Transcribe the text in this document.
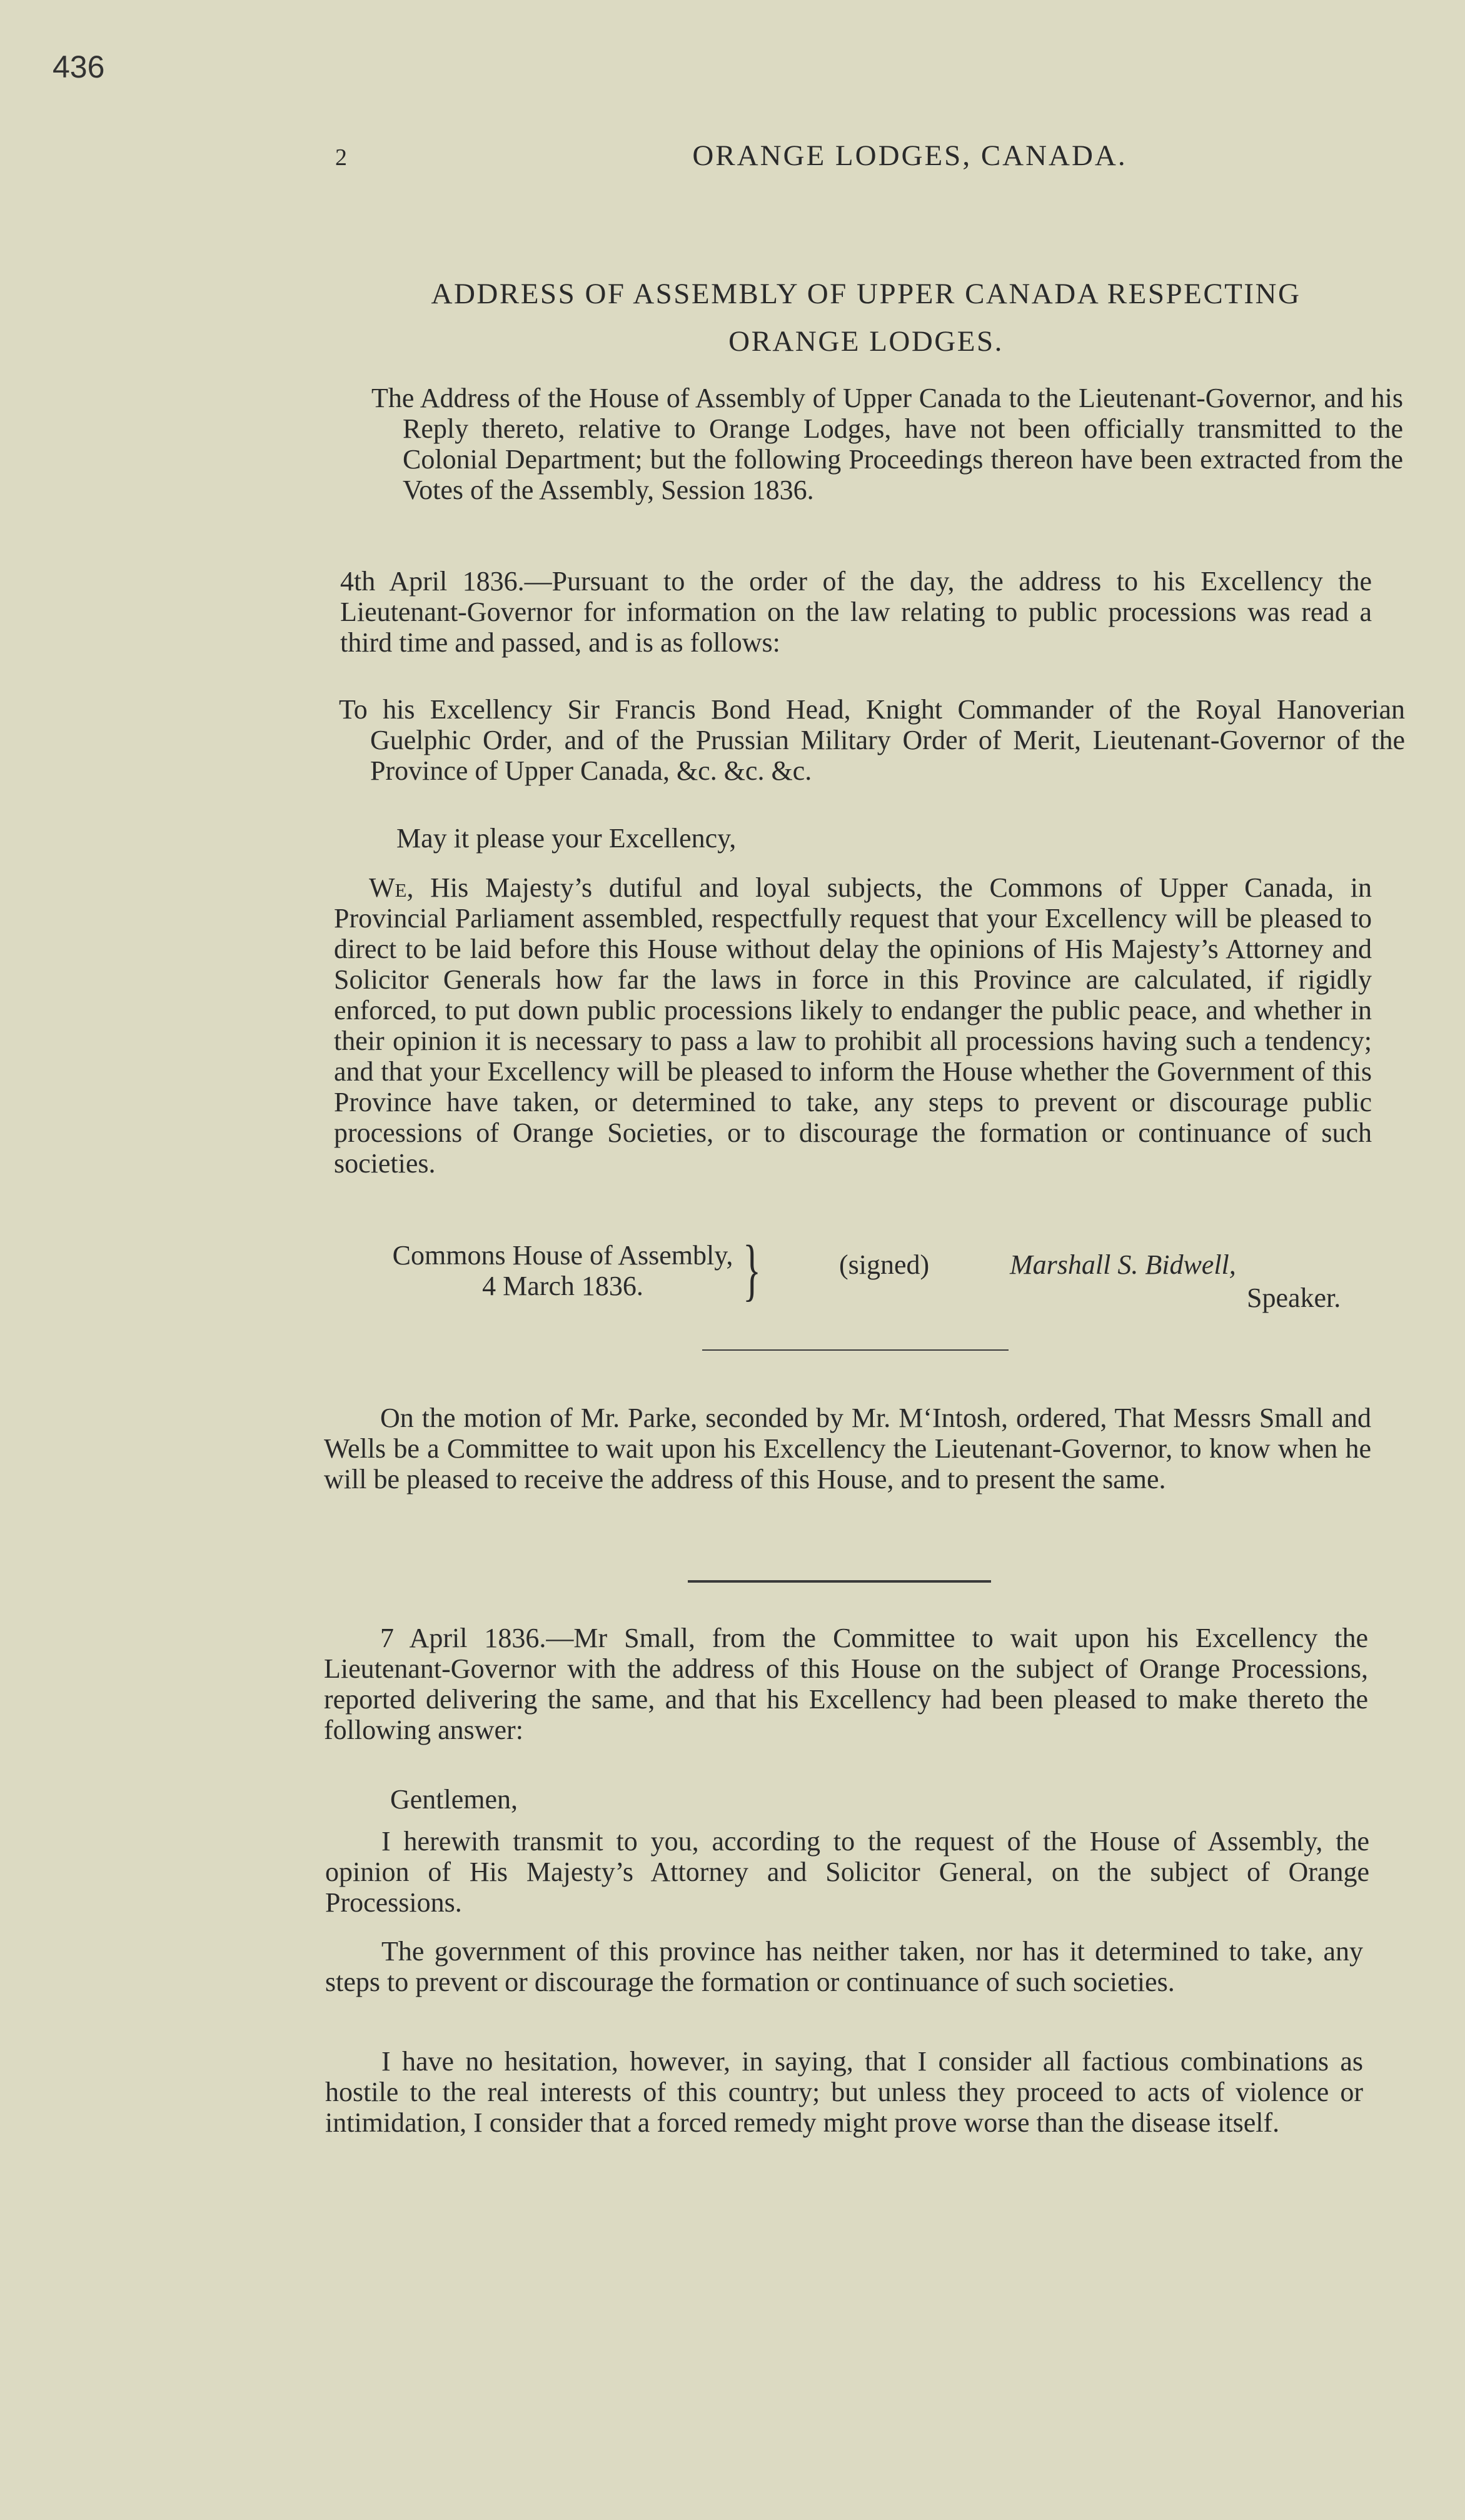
436
2	ORANGE LODGES, CANADA.
ADDRESS OF ASSEMBLY OF UPPER CANADA RESPECTING
ORANGE LODGES.

The Address of the House of Assembly of Upper Canada to the Lieutenant-Governor, and his Reply thereto, relative to Orange Lodges, have not been officially transmitted to the Colonial Department; but the following Proceedings thereon have been extracted from the Votes of the Assembly, Session 1836.

4th April 1836.—Pursuant to the order of the day, the address to his Excellency the Lieutenant-Governor for information on the law relating to public processions was read a third time and passed, and is as follows:

To his Excellency Sir Francis Bond Head, Knight Commander of the Royal Hanoverian Guelphic Order, and of the Prussian Military Order of Merit, Lieutenant-Governor of the Province of Upper Canada, &c. &c. &c.

May it please your Excellency,

We, His Majesty’s dutiful and loyal subjects, the Commons of Upper Canada, in Provincial Parliament assembled, respectfully request that your Excellency will be pleased to direct to be laid before this House without delay the opinions of His Majesty’s Attorney and Solicitor Generals how far the laws in force in this Province are calculated, if rigidly enforced, to put down public processions likely to endanger the public peace, and whether in their opinion it is necessary to pass a law to prohibit all processions having such a tendency; and that your Excellency will be pleased to inform the House whether the Government of this Province have taken, or determined to take, any steps to prevent or discourage public processions of Orange Societies, or to discourage the formation or continuance of such societies.

Commons House of Assembly,
4 March 1836.	}	(signed)	Marshall S. Bidwell,
Speaker.

On the motion of Mr. Parke, seconded by Mr. M‘Intosh, ordered, That Messrs Small and Wells be a Committee to wait upon his Excellency the Lieutenant-Governor, to know when he will be pleased to receive the address of this House, and to present the same.

7 April 1836.—Mr Small, from the Committee to wait upon his Excellency the Lieutenant-Governor with the address of this House on the subject of Orange Processions, reported delivering the same, and that his Excellency had been pleased to make thereto the following answer:

Gentlemen,

I herewith transmit to you, according to the request of the House of Assembly, the opinion of His Majesty’s Attorney and Solicitor General, on the subject of Orange Processions.

The government of this province has neither taken, nor has it determined to take, any steps to prevent or discourage the formation or continuance of such societies.

I have no hesitation, however, in saying, that I consider all factious combinations as hostile to the real interests of this country; but unless they proceed to acts of violence or intimidation, I consider that a forced remedy might prove worse than the disease itself.
